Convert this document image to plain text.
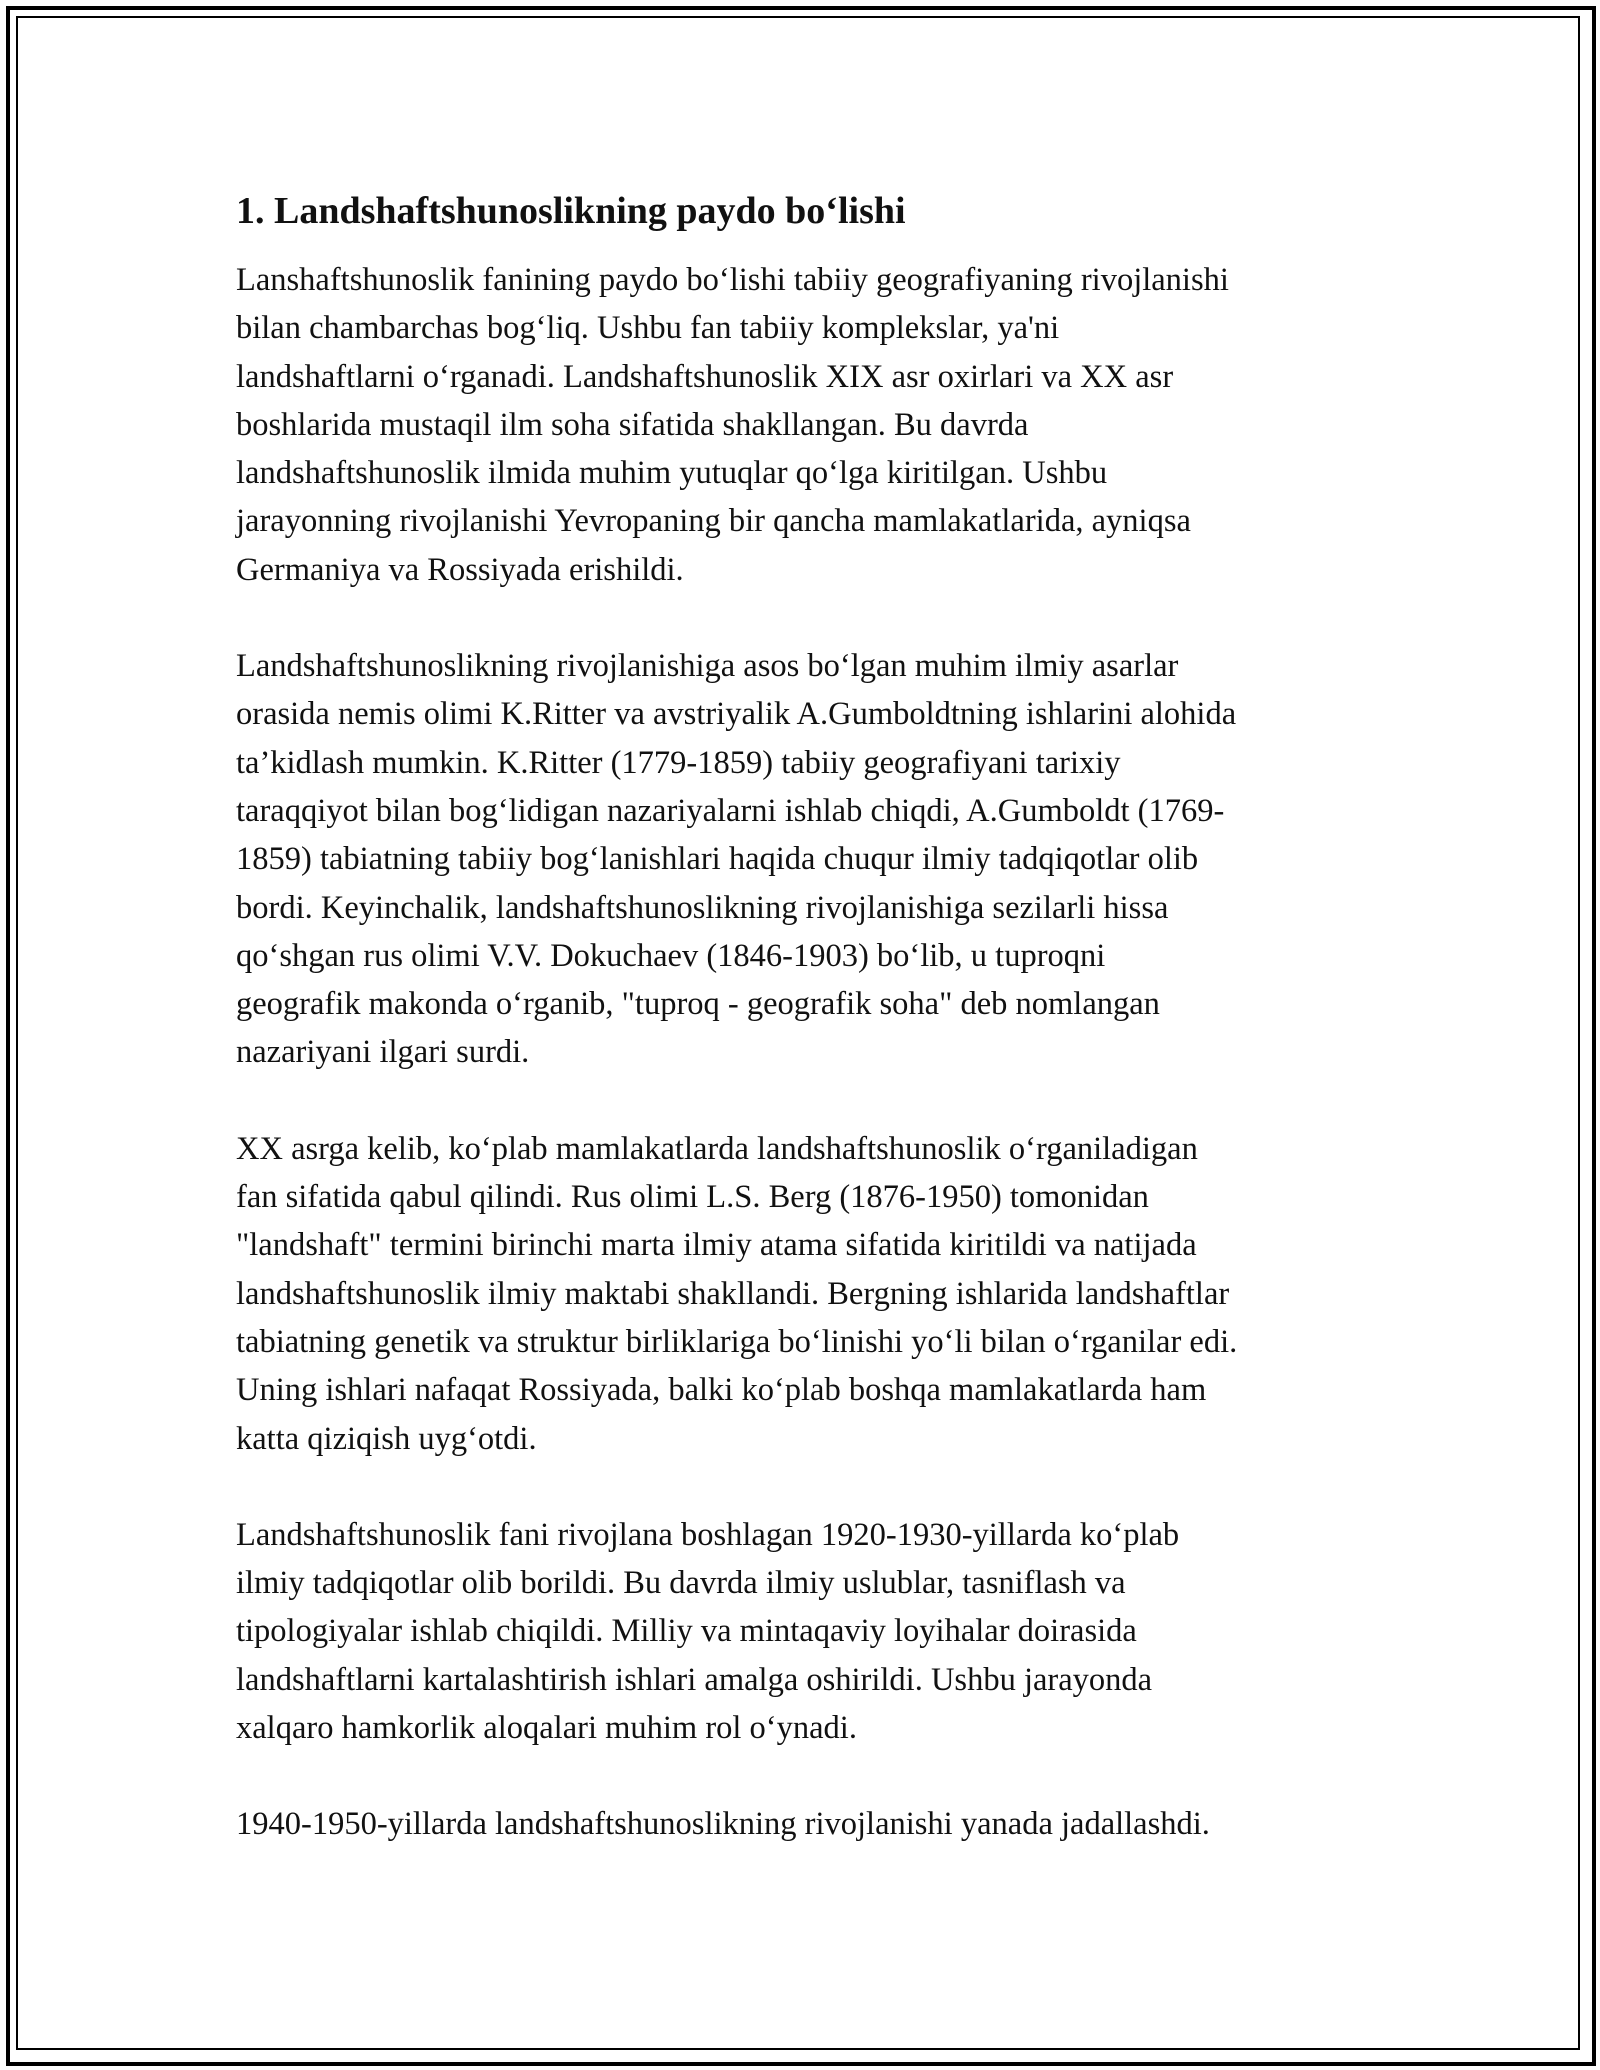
1. Landshaftshunoslikning paydo bo‘lishi

Lanshaftshunoslik fanining paydo bo‘lishi tabiiy geografiyaning rivojlanishi
bilan chambarchas bog‘liq. Ushbu fan tabiiy komplekslar, ya'ni
landshaftlarni o‘rganadi. Landshaftshunoslik XIX asr oxirlari va XX asr
boshlarida mustaqil ilm soha sifatida shakllangan. Bu davrda
landshaftshunoslik ilmida muhim yutuqlar qo‘lga kiritilgan. Ushbu
jarayonning rivojlanishi Yevropaning bir qancha mamlakatlarida, ayniqsa
Germaniya va Rossiyada erishildi.

Landshaftshunoslikning rivojlanishiga asos bo‘lgan muhim ilmiy asarlar
orasida nemis olimi K.Ritter va avstriyalik A.Gumboldtning ishlarini alohida
ta’kidlash mumkin. K.Ritter (1779-1859) tabiiy geografiyani tarixiy
taraqqiyot bilan bog‘lidigan nazariyalarni ishlab chiqdi, A.Gumboldt (1769-
1859) tabiatning tabiiy bog‘lanishlari haqida chuqur ilmiy tadqiqotlar olib
bordi. Keyinchalik, landshaftshunoslikning rivojlanishiga sezilarli hissa
qo‘shgan rus olimi V.V. Dokuchaev (1846-1903) bo‘lib, u tuproqni
geografik makonda o‘rganib, "tuproq - geografik soha" deb nomlangan
nazariyani ilgari surdi.

XX asrga kelib, ko‘plab mamlakatlarda landshaftshunoslik o‘rganiladigan
fan sifatida qabul qilindi. Rus olimi L.S. Berg (1876-1950) tomonidan
"landshaft" termini birinchi marta ilmiy atama sifatida kiritildi va natijada
landshaftshunoslik ilmiy maktabi shakllandi. Bergning ishlarida landshaftlar
tabiatning genetik va struktur birliklariga bo‘linishi yo‘li bilan o‘rganilar edi.
Uning ishlari nafaqat Rossiyada, balki ko‘plab boshqa mamlakatlarda ham
katta qiziqish uyg‘otdi.

Landshaftshunoslik fani rivojlana boshlagan 1920-1930-yillarda ko‘plab
ilmiy tadqiqotlar olib borildi. Bu davrda ilmiy uslublar, tasniflash va
tipologiyalar ishlab chiqildi. Milliy va mintaqaviy loyihalar doirasida
landshaftlarni kartalashtirish ishlari amalga oshirildi. Ushbu jarayonda
xalqaro hamkorlik aloqalari muhim rol o‘ynadi.

1940-1950-yillarda landshaftshunoslikning rivojlanishi yanada jadallashdi.
